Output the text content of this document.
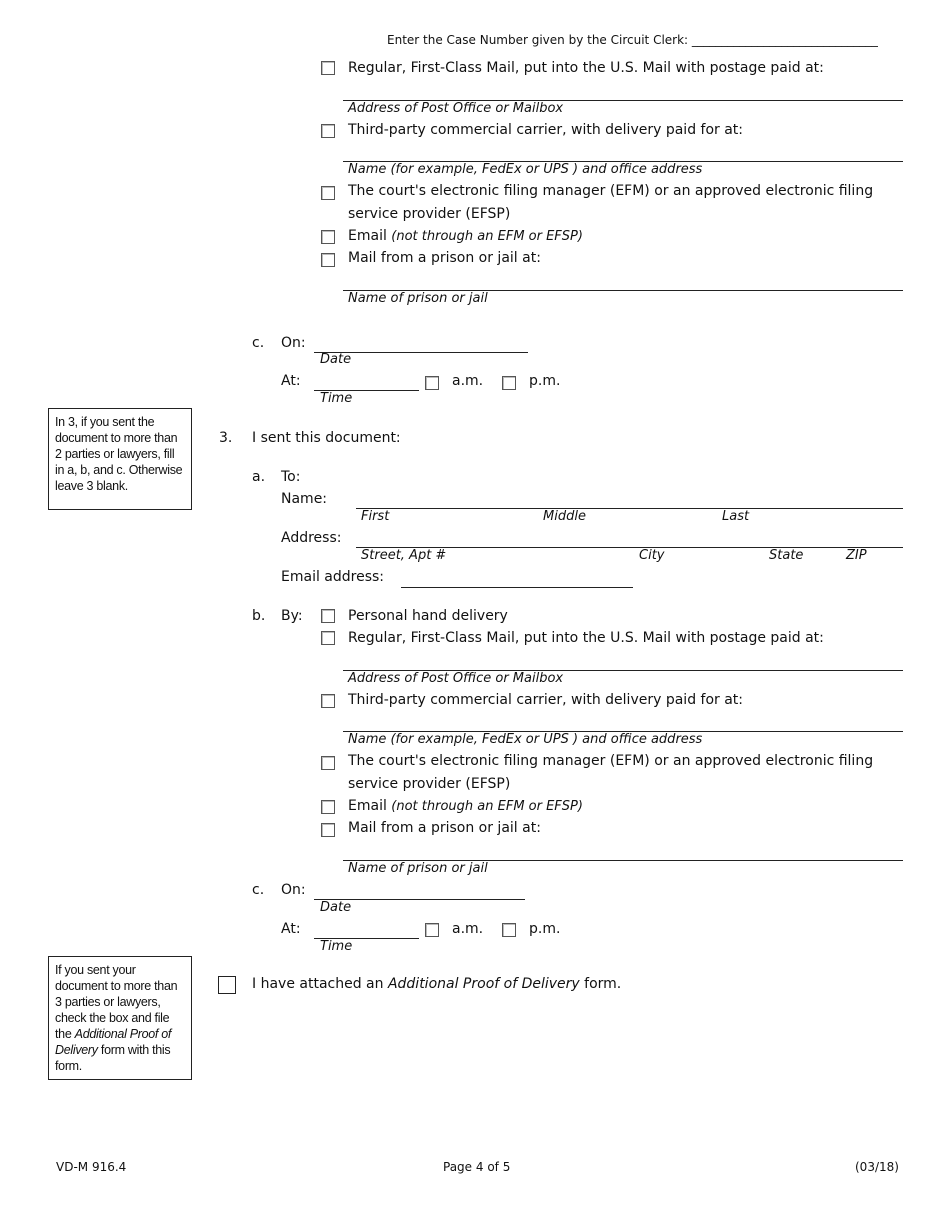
Enter the Case Number given by the Circuit Clerk: _______________________________
Regular, First-Class Mail, put into the U.S. Mail with postage paid at:
Address of Post Office or Mailbox
Third-party commercial carrier, with delivery paid for at:
Name (for example, FedEx or UPS ) and office address
The court's electronic filing manager (EFM) or an approved electronic filing
service provider (EFSP)
Email (not through an EFM or EFSP)
Mail from a prison or jail at:
Name of prison or jail
c. On:
Date
At:
Time
a.m.	p.m.
In 3, if you sent the document to more than 2 parties or lawyers, fill in a, b, and c. Otherwise leave 3 blank.
3. I sent this document:
a. To:
Name:
First	Middle	Last
Address:
Street, Apt #	City	State	ZIP
Email address:
b. By:	Personal hand delivery
Regular, First-Class Mail, put into the U.S. Mail with postage paid at:
Address of Post Office or Mailbox
Third-party commercial carrier, with delivery paid for at:
Name (for example, FedEx or UPS ) and office address
The court's electronic filing manager (EFM) or an approved electronic filing
service provider (EFSP)
Email (not through an EFM or EFSP)
Mail from a prison or jail at:
Name of prison or jail
c. On:
Date
At:
Time
a.m.	p.m.
If you sent your document to more than 3 parties or lawyers, check the box and file the Additional Proof of Delivery form with this form.
I have attached an Additional Proof of Delivery form.
VD-M 916.4	Page 4 of 5	(03/18)
